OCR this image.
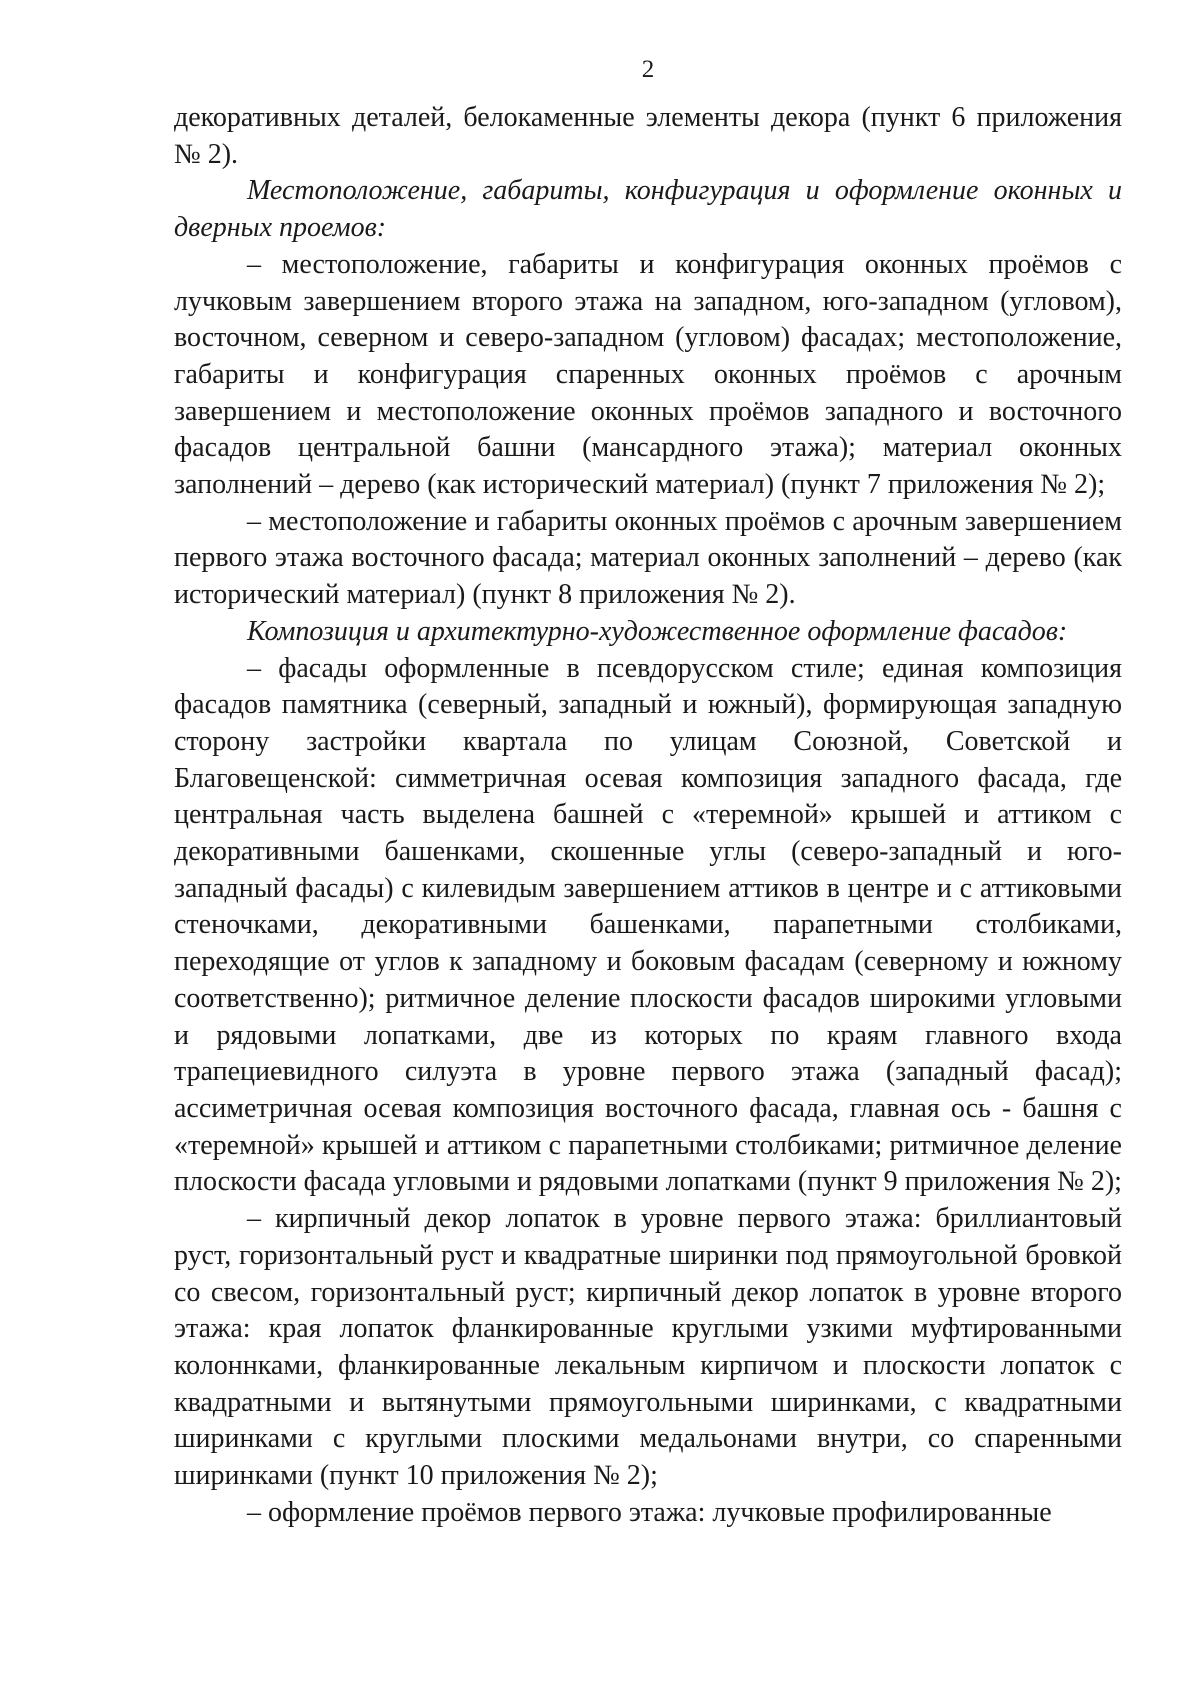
2

декоративных деталей, белокаменные элементы декора (пункт 6 приложения № 2).

Местоположение, габариты, конфигурация и оформление оконных и дверных проемов:

– местоположение, габариты и конфигурация оконных проёмов с лучковым завершением второго этажа на западном, юго-западном (угловом), восточном, северном и северо-западном (угловом) фасадах; местоположение, габариты и конфигурация спаренных оконных проёмов с арочным завершением и местоположение оконных проёмов западного и восточного фасадов центральной башни (мансардного этажа); материал оконных заполнений – дерево (как исторический материал) (пункт 7 приложения № 2);

– местоположение и габариты оконных проёмов с арочным завершением первого этажа восточного фасада; материал оконных заполнений – дерево (как исторический материал) (пункт 8 приложения № 2).

Композиция и архитектурно-художественное оформление фасадов:

– фасады оформленные в псевдорусском стиле; единая композиция фасадов памятника (северный, западный и южный), формирующая западную сторону застройки квартала по улицам Союзной, Советской и Благовещенской: симметричная осевая композиция западного фасада, где центральная часть выделена башней с «теремной» крышей и аттиком с декоративными башенками, скошенные углы (северо-западный и юго-западный фасады) с килевидым завершением аттиков в центре и с аттиковыми стеночками, декоративными башенками, парапетными столбиками, переходящие от углов к западному и боковым фасадам (северному и южному соответственно); ритмичное деление плоскости фасадов широкими угловыми и рядовыми лопатками, две из которых по краям главного входа трапециевидного силуэта в уровне первого этажа (западный фасад); ассиметричная осевая композиция восточного фасада, главная ось - башня с «теремной» крышей и аттиком с парапетными столбиками; ритмичное деление плоскости фасада угловыми и рядовыми лопатками (пункт 9 приложения № 2);

– кирпичный декор лопаток в уровне первого этажа: бриллиантовый руст, горизонтальный руст и квадратные ширинки под прямоугольной бровкой со свесом, горизонтальный руст; кирпичный декор лопаток в уровне второго этажа: края лопаток фланкированные круглыми узкими муфтированными колоннками, фланкированные лекальным кирпичом и плоскости лопаток с квадратными и вытянутыми прямоугольными ширинками, с квадратными ширинками с круглыми плоскими медальонами внутри, со спаренными ширинками (пункт 10 приложения № 2);

– оформление проёмов первого этажа: лучковые профилированные
